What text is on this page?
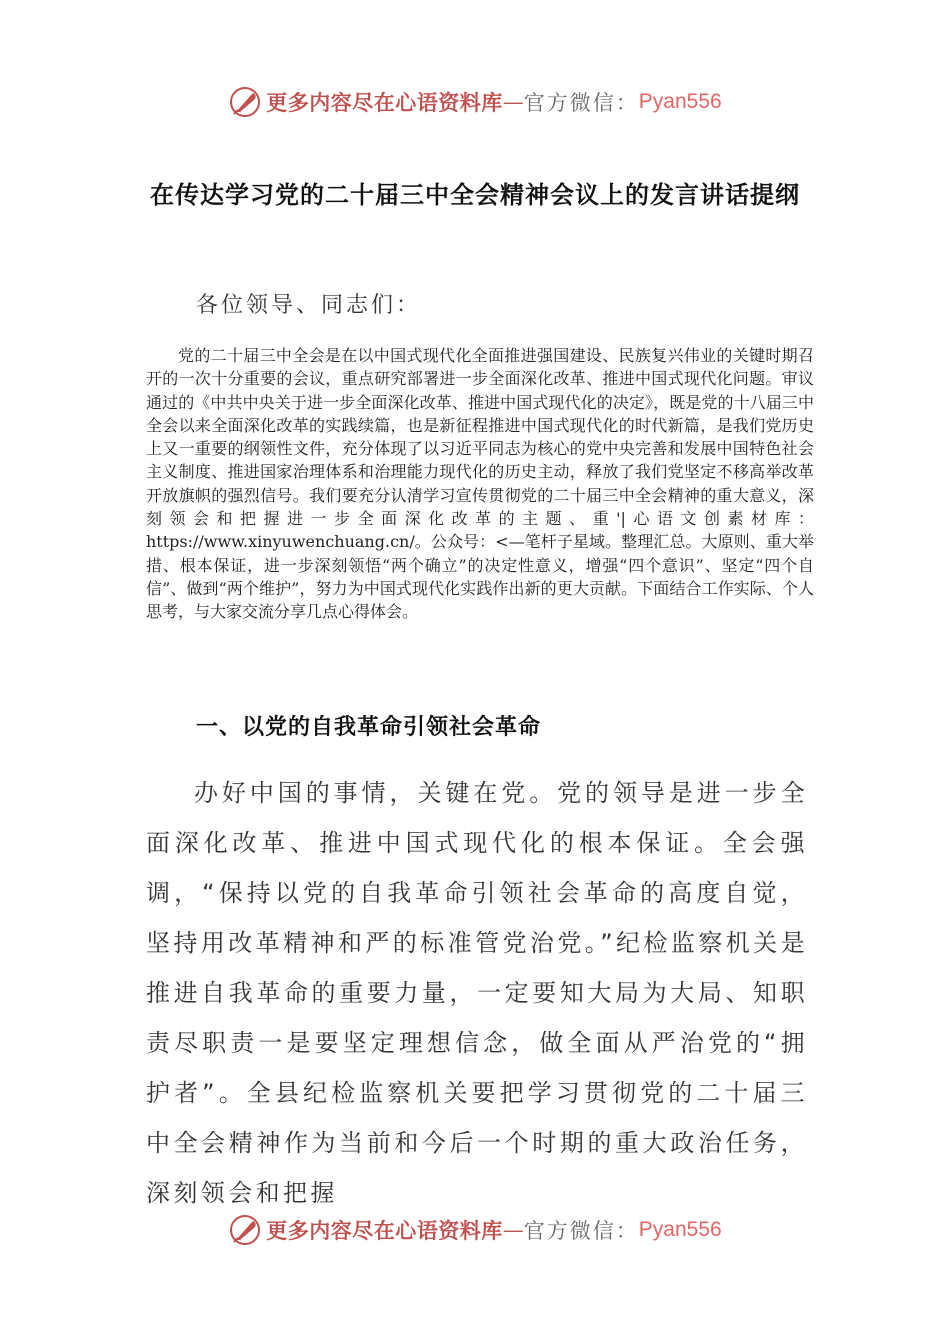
更多内容尽在心语资料库 — 官方微信： Pyan556
在传达学习党的二十届三中全会精神会议上的发言讲话提纲
各位领导、同志们：
党的二十届三中全会是在以中国式现代化全面推进强国建设、民族复兴伟业的关键时期召开的一次十分重要的会议，重点研究部署进一步全面深化改革、推进中国式现代化问题。审议通过的《中共中央关于进一步全面深化改革、推进中国式现代化的决定》，既是党的十八届三中全会以来全面深化改革的实践续篇，也是新征程推进中国式现代化的时代新篇，是我们党历史上又一重要的纲领性文件，充分体现了以习近平同志为核心的党中央完善和发展中国特色社会主义制度、推进国家治理体系和治理能力现代化的历史主动，释放了我们党坚定不移高举改革开放旗帜的强烈信号。我们要充分认清学习宣传贯彻党的二十届三中全会精神的重大意义，深刻领会和把握进一步全面深化改革的主题、重'|心语文创素材库：https://www.xinyuwenchuang.cn/。公众号：<—笔杆子星域。整理汇总。大原则、重大举措、根本保证，进一步深刻领悟“两个确立”的决定性意义，增强“四个意识”、坚定“四个自信”、做到“两个维护”，努力为中国式现代化实践作出新的更大贡献。下面结合工作实际、个人思考，与大家交流分享几点心得体会。
一、以党的自我革命引领社会革命
办好中国的事情，关键在党。党的领导是进一步全面深化改革、推进中国式现代化的根本保证。全会强调，“保持以党的自我革命引领社会革命的高度自觉，坚持用改革精神和严的标准管党治党。”纪检监察机关是推进自我革命的重要力量，一定要知大局为大局、知职责尽职责一是要坚定理想信念，做全面从严治党的“拥护者”。全县纪检监察机关要把学习贯彻党的二十届三中全会精神作为当前和今后一个时期的重大政治任务，深刻领会和把握
更多内容尽在心语资料库 — 官方微信： Pyan556
